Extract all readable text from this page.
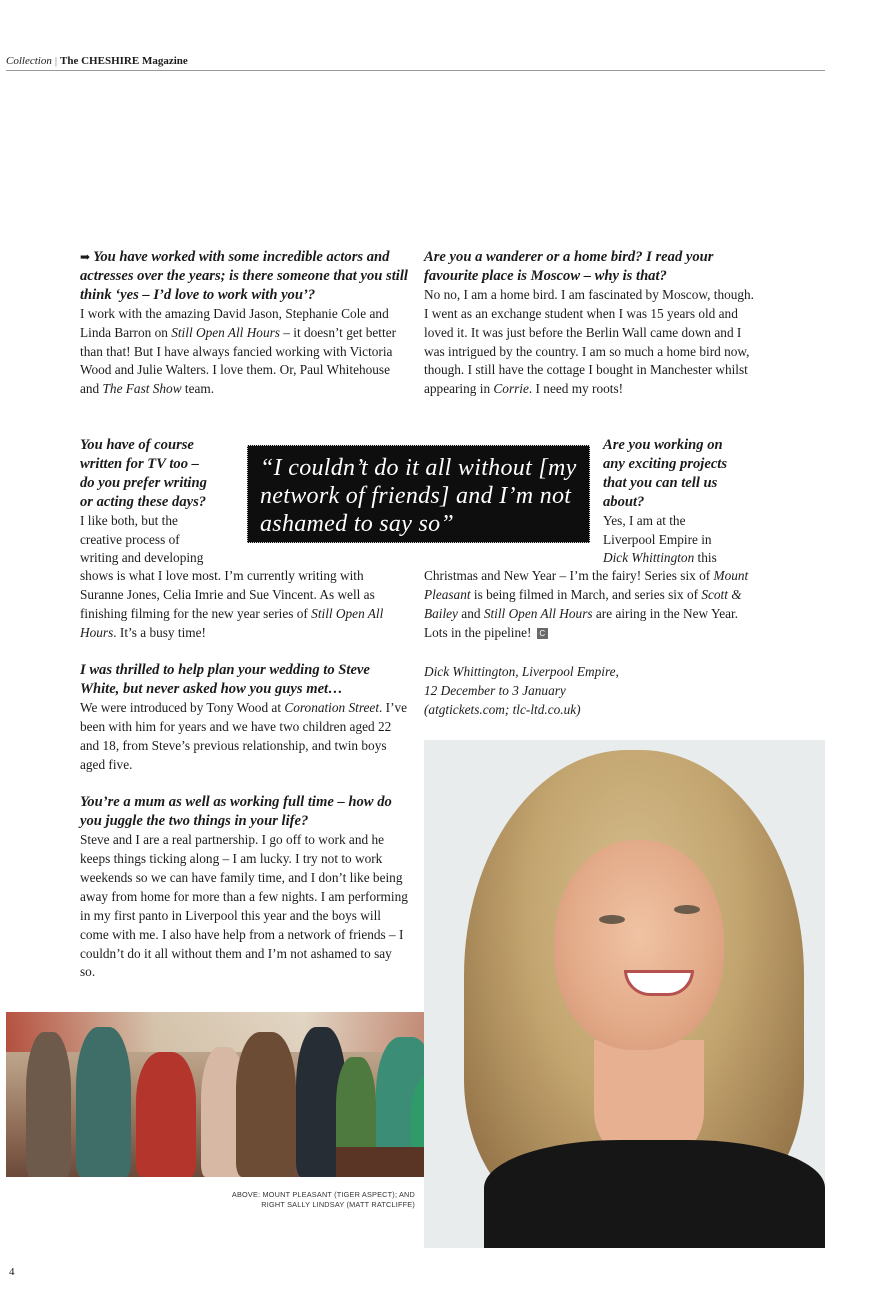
Collection | The CHESHIRE Magazine

➡ You have worked with some incredible actors and actresses over the years; is there someone that you still think ‘yes – I’d love to work with you’?

I work with the amazing David Jason, Stephanie Cole and Linda Barron on Still Open All Hours – it doesn’t get better than that! But I have always fancied working with Victoria Wood and Julie Walters. I love them. Or, Paul Whitehouse and The Fast Show team.

You have of course
written for TV too –
do you prefer writing
or acting these days?

I like both, but the
creative process of
writing and developing

shows is what I love most. I’m currently writing with Suranne Jones, Celia Imrie and Sue Vincent. As well as finishing filming for the new year series of Still Open All Hours. It’s a busy time!

I was thrilled to help plan your wedding to Steve White, but never asked how you guys met…

We were introduced by Tony Wood at Coronation Street. I’ve been with him for years and we have two children aged 22 and 18, from Steve’s previous relationship, and twin boys aged five.

You’re a mum as well as working full time – how do you juggle the two things in your life?

Steve and I are a real partnership. I go off to work and he keeps things ticking along – I am lucky. I try not to work weekends so we can have family time, and I don’t like being away from home for more than a few nights. I am performing in my first panto in Liverpool this year and the boys will come with me. I also have help from a network of friends – I couldn’t do it all without them and I’m not ashamed to say so.

Are you a wanderer or a home bird? I read your favourite place is Moscow – why is that?

No no, I am a home bird. I am fascinated by Moscow, though. I went as an exchange student when I was 15 years old and loved it. It was just before the Berlin Wall came down and I was intrigued by the country. I am so much a home bird now, though. I still have the cottage I bought in Manchester whilst appearing in Corrie. I need my roots!

Are you working on
any exciting projects
that you can tell us
about?

Yes, I am at the
Liverpool Empire in
Dick Whittington this

Christmas and New Year – I’m the fairy! Series six of Mount Pleasant is being filmed in March, and series six of Scott & Bailey and Still Open All Hours are airing in the New Year. Lots in the pipeline! C

“I couldn’t do it all without [my network of friends] and I’m not ashamed to say so”
Dick Whittington, Liverpool Empire,
12 December to 3 January
(atgtickets.com; tlc-ltd.co.uk)
ABOVE: MOUNT PLEASANT (TIGER ASPECT); AND
RIGHT SALLY LINDSAY (MATT RATCLIFFE)
4
